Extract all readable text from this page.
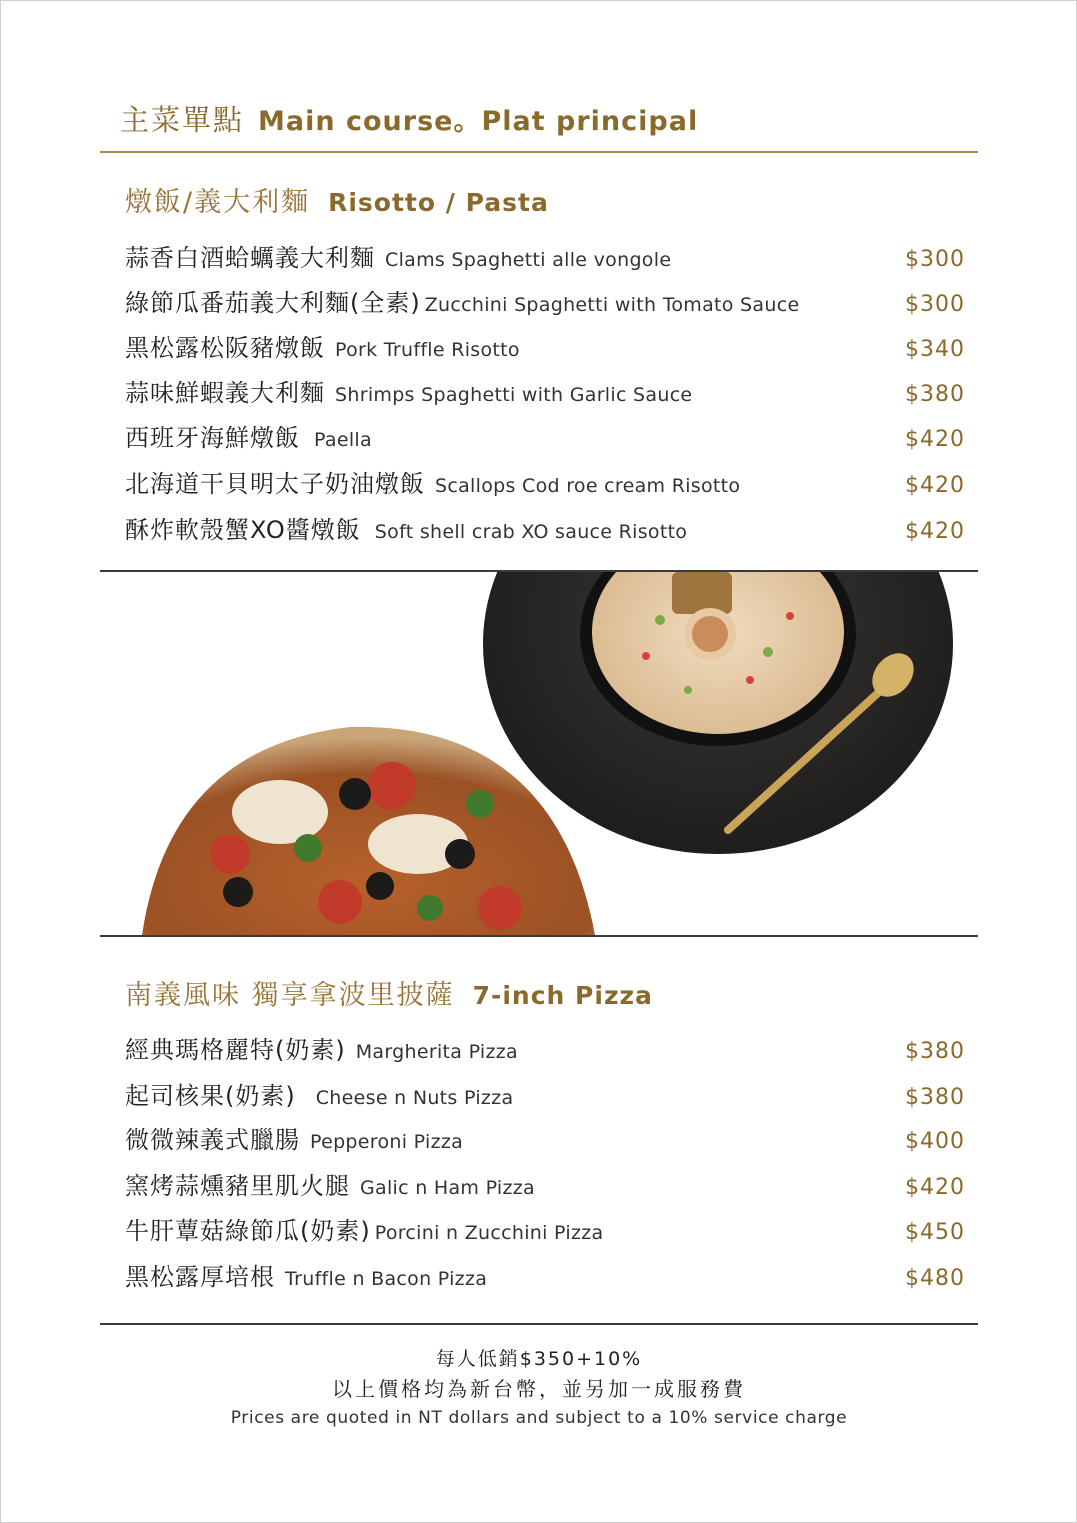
主菜單點 Main course。Plat principal
燉飯/義大利麵 Risotto / Pasta
蒜香白酒蛤蠣義大利麵 Clams Spaghetti alle vongole	$300
綠節瓜番茄義大利麵(全素) Zucchini Spaghetti with Tomato Sauce	$300
黑松露松阪豬燉飯 Pork Truffle Risotto	$340
蒜味鮮蝦義大利麵 Shrimps Spaghetti with Garlic Sauce	$380
西班牙海鮮燉飯 Paella	$420
北海道干貝明太子奶油燉飯 Scallops Cod roe cream Risotto	$420
酥炸軟殼蟹XO醬燉飯 Soft shell crab XO sauce Risotto	$420
南義風味 獨享拿波里披薩 7-inch Pizza
經典瑪格麗特(奶素) Margherita Pizza	$380
起司核果(奶素) Cheese n Nuts Pizza	$380
微微辣義式臘腸 Pepperoni Pizza	$400
窯烤蒜燻豬里肌火腿 Galic n Ham Pizza	$420
牛肝蕈菇綠節瓜(奶素) Porcini n Zucchini Pizza	$450
黑松露厚培根 Truffle n Bacon Pizza	$480
每人低銷$350+10%
以上價格均為新台幣，並另加一成服務費
Prices are quoted in NT dollars and subject to a 10% service charge
